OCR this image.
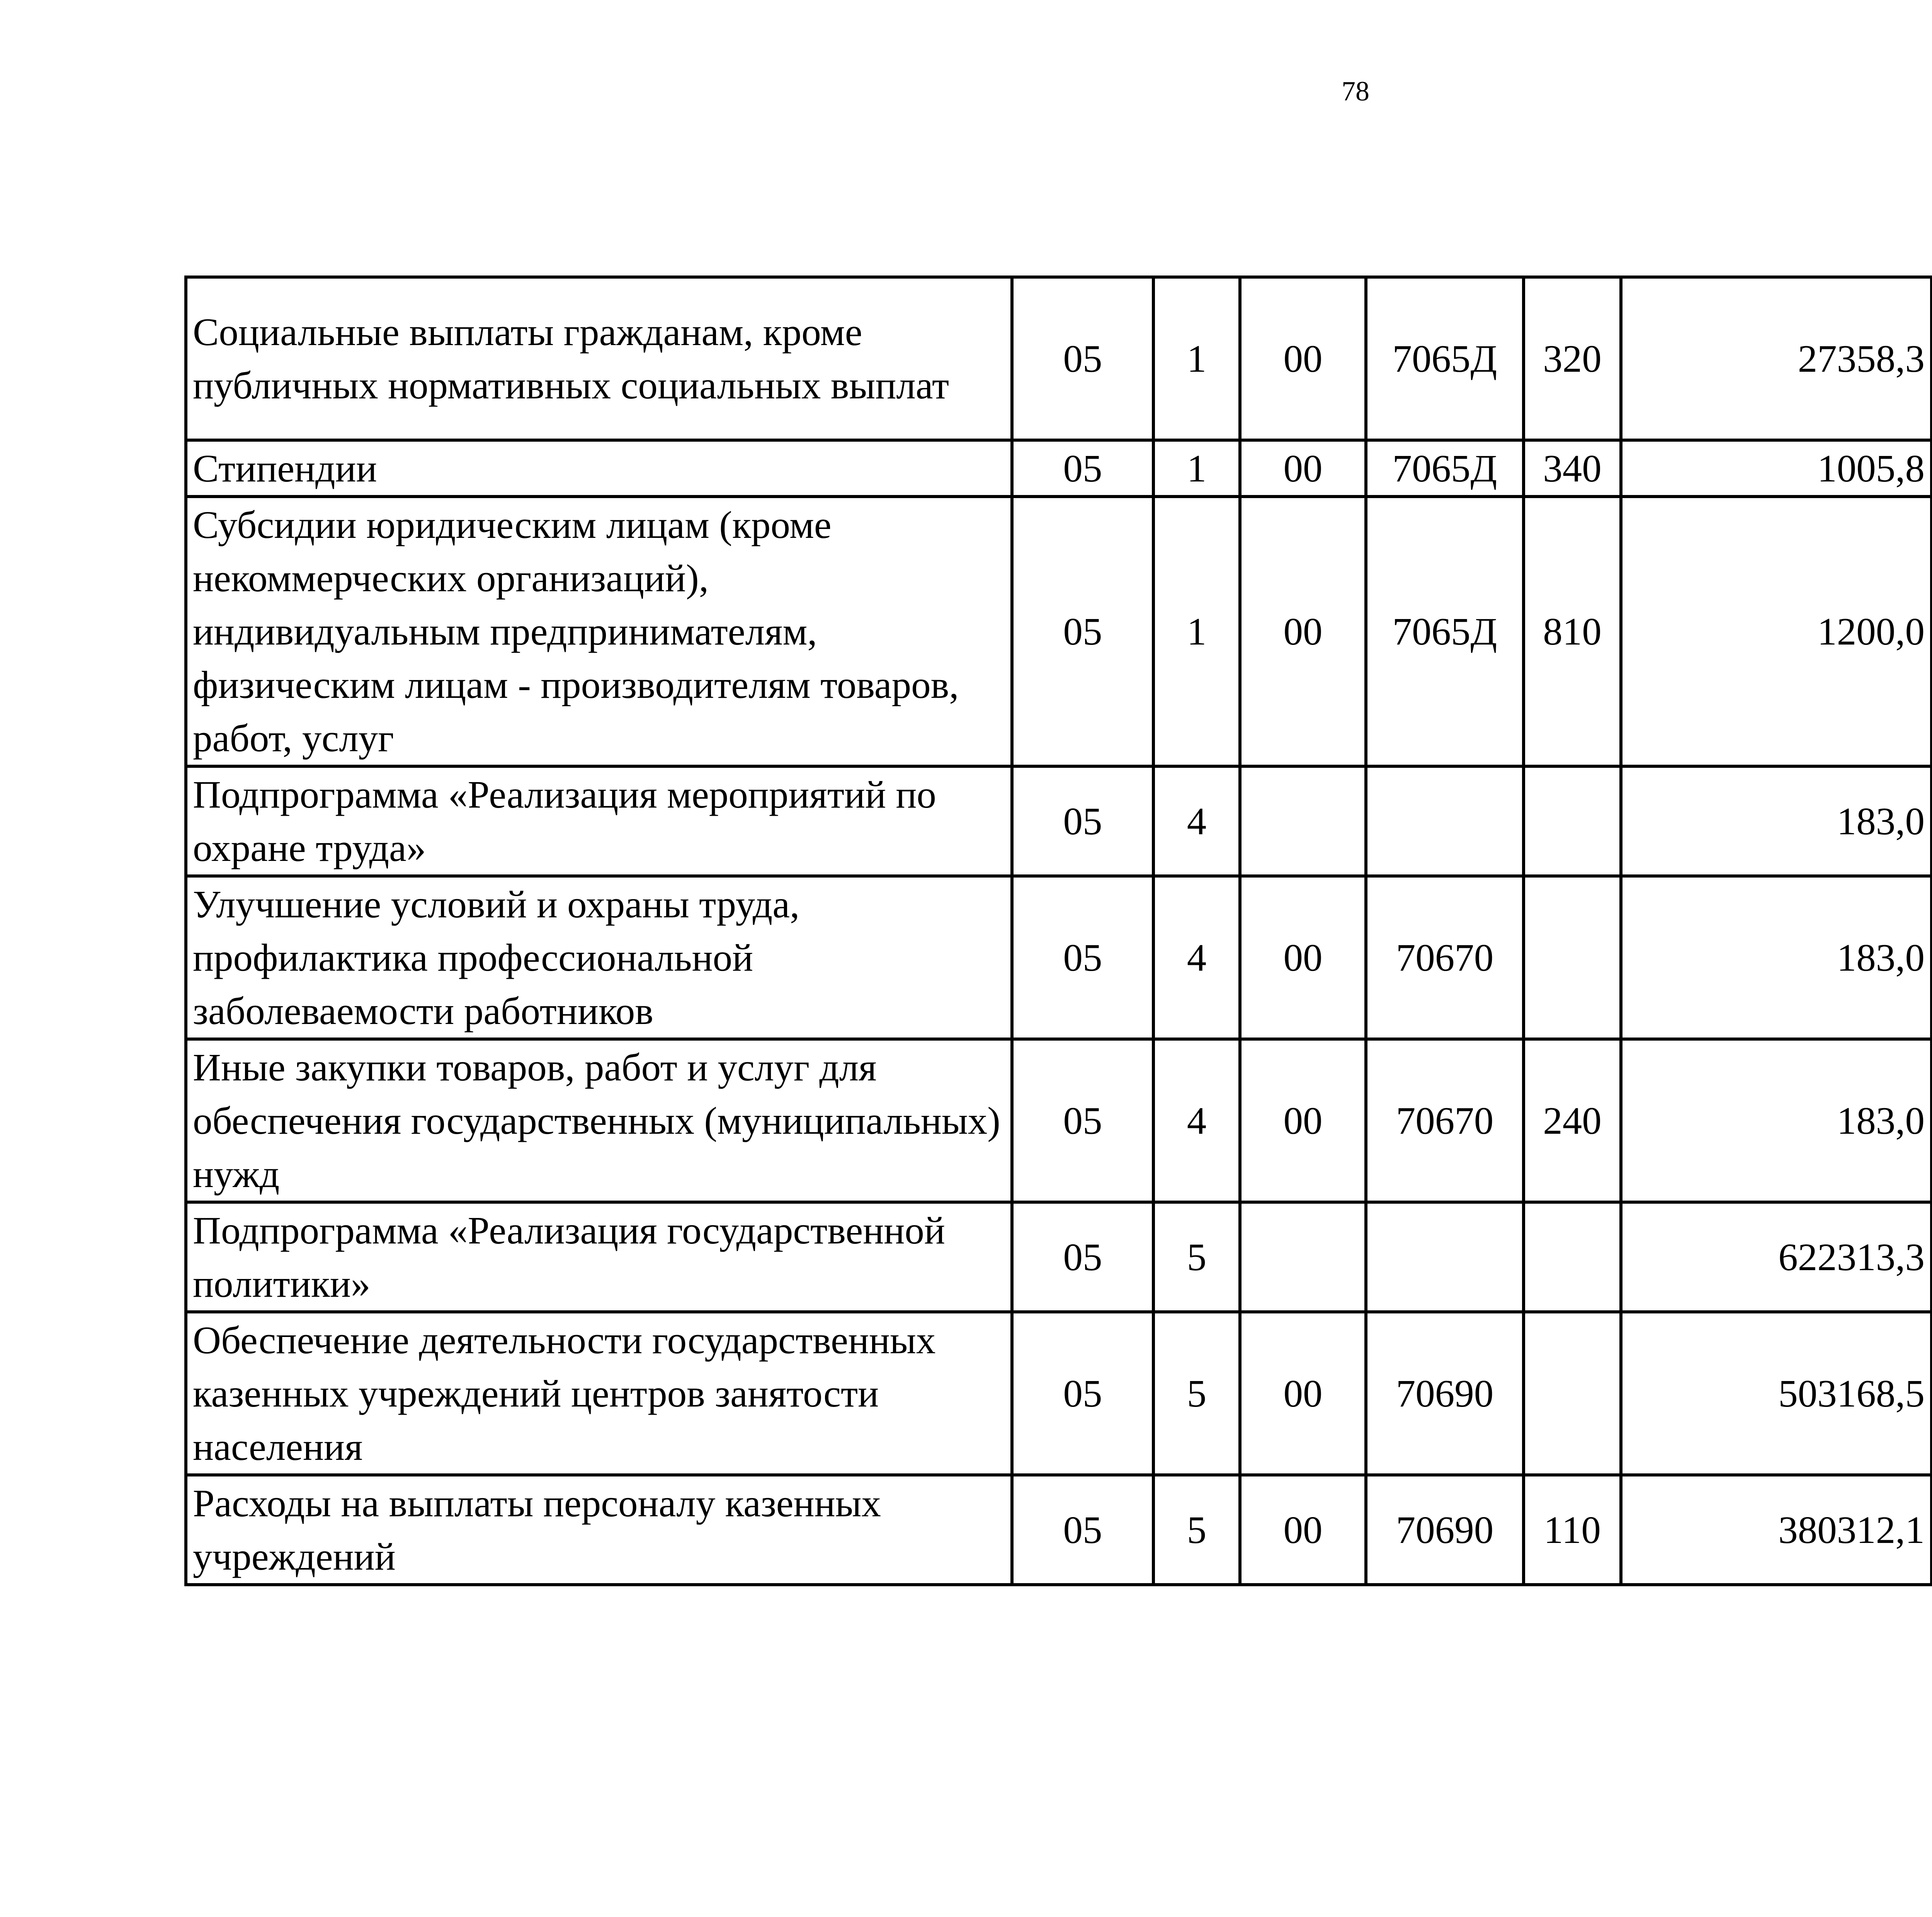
78
Социальные выплаты гражданам, кроме публичных нормативных социальных выплат	05	1	00	7065Д	320	27358,3		
Стипендии	05	1	00	7065Д	340	1005,8		
Субсидии юридическим лицам (кроме некоммерческих организаций), индивидуальным предпринимателям, физическим лицам - производителям товаров, работ, услуг	05	1	00	7065Д	810	1200,0		
Подпрограмма «Реализация мероприятий по охране труда»	05	4				183,0		
Улучшение условий и охраны труда, профилактика профессиональной заболеваемости работников	05	4	00	70670		183,0		
Иные закупки товаров, работ и услуг для обеспечения государственных (муниципальных) нужд	05	4	00	70670	240	183,0		
Подпрограмма «Реализация государственной политики»	05	5				622313,3		
Обеспечение деятельности государственных казенных учреждений центров занятости населения	05	5	00	70690		503168,5		
Расходы на выплаты персоналу казенных учреждений	05	5	00	70690	110	380312,1		
